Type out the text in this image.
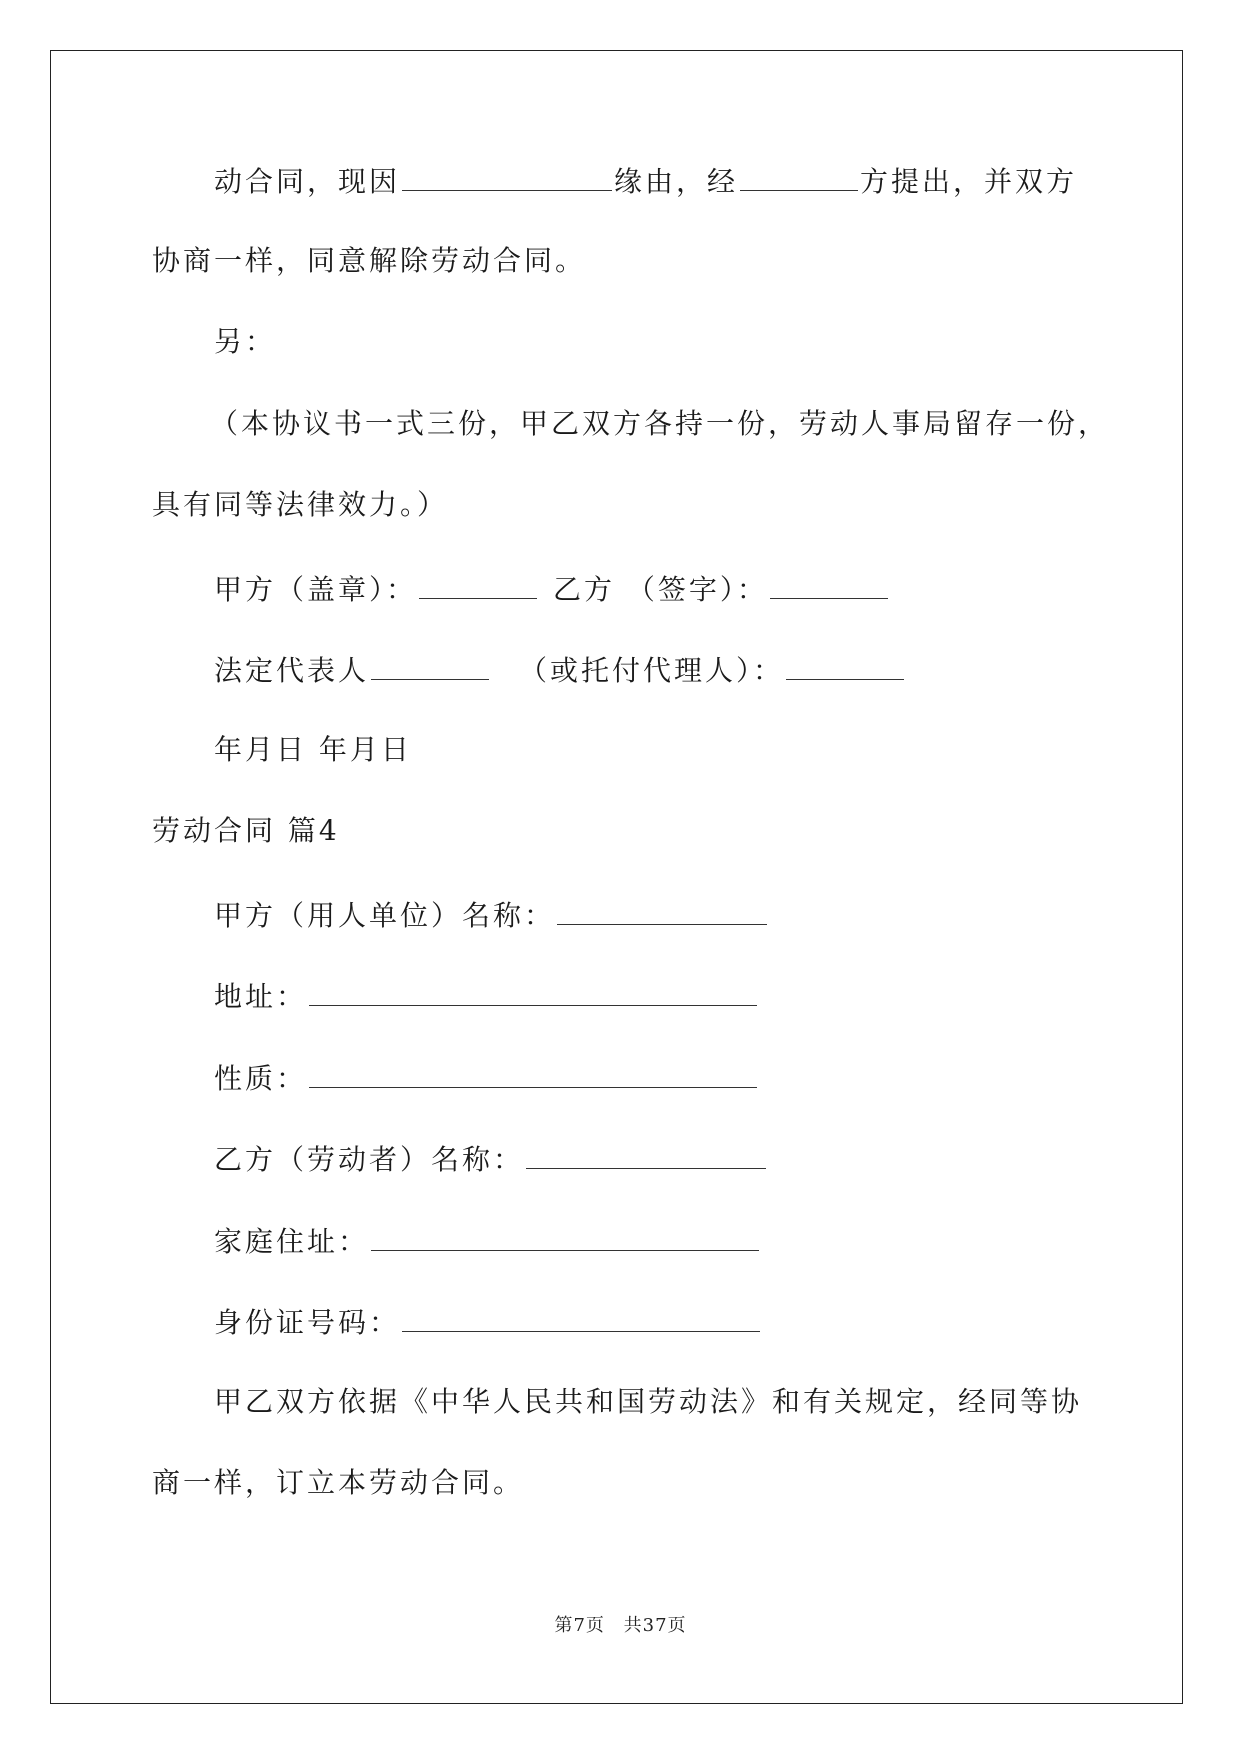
动合同，现因	缘由，经	方提出，并双方
协商一样，同意解除劳动合同。
另：
（本协议书一式三份，甲乙双方各持一份，劳动人事局留存一份，
具有同等法律效力。）
甲方（盖章）：	乙方 （签字）：
法定代表人	（或托付代理人）：
年月日 年月日
劳动合同 篇4
甲方（用人单位）名称：
地址：
性质：
乙方（劳动者）名称：
家庭住址：
身份证号码：
甲乙双方依据《中华人民共和国劳动法》和有关规定，经同等协
商一样，订立本劳动合同。
第7页 共37页
